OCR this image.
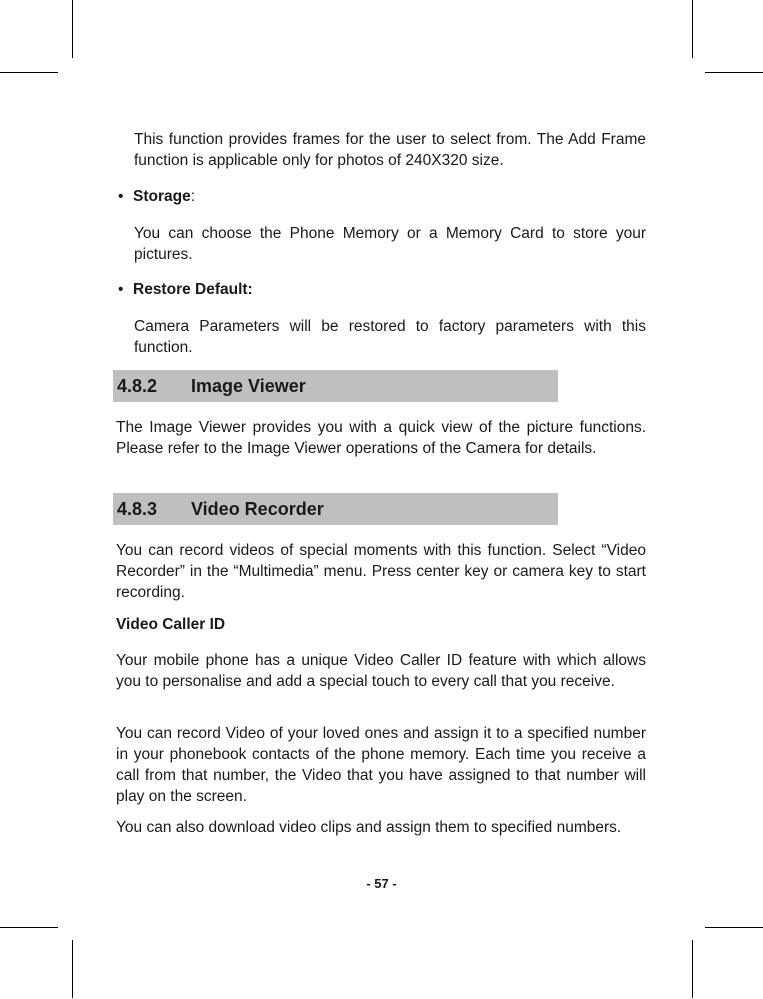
This function provides frames for the user to select from. The Add Frame function is applicable only for photos of 240X320 size.

• Storage:

You can choose the Phone Memory or a Memory Card to store your pictures.

• Restore Default:

Camera Parameters will be restored to factory parameters with this function.

4.8.2 Image Viewer

The Image Viewer provides you with a quick view of the picture functions. Please refer to the Image Viewer operations of the Camera for details.

4.8.3 Video Recorder

You can record videos of special moments with this function. Select “Video Recorder” in the “Multimedia” menu. Press center key or camera key to start recording.

Video Caller ID

Your mobile phone has a unique Video Caller ID feature with which allows you to personalise and add a special touch to every call that you receive.

You can record Video of your loved ones and assign it to a specified number in your phonebook contacts of the phone memory. Each time you receive a call from that number, the Video that you have assigned to that number will play on the screen.

You can also download video clips and assign them to specified numbers.

- 57 -
